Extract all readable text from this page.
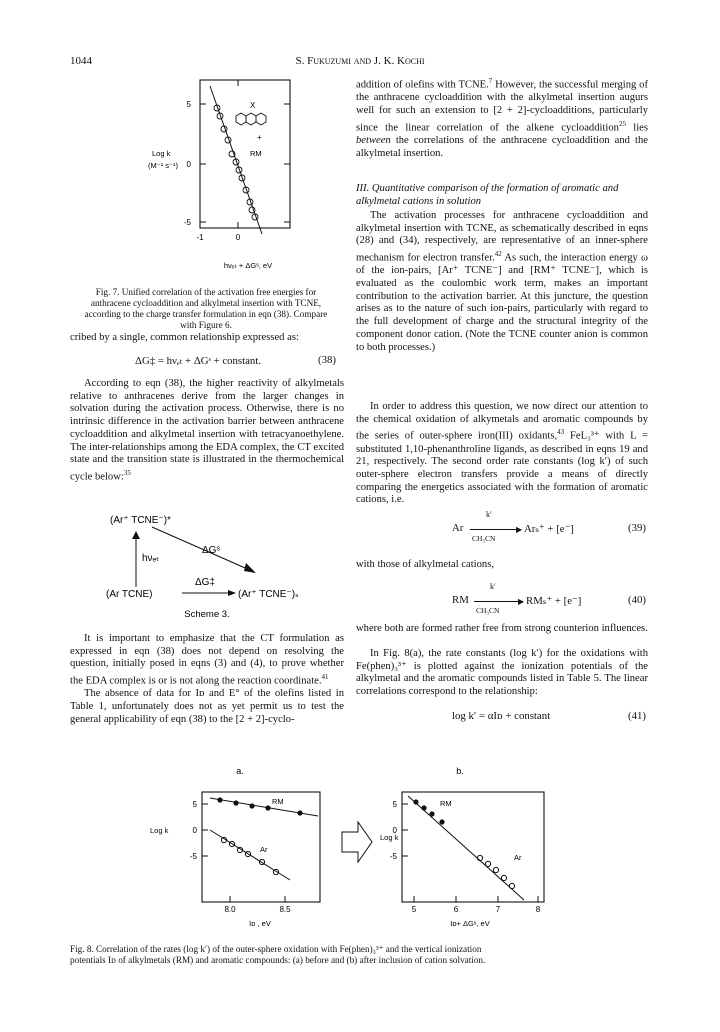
1044	S. Fukuzumi and J. K. Kochi
X
+
RM
5
0
-5
-1	0
Log k
(M⁻¹ s⁻¹)
hνₑₜ + ΔGˢ, eV
Fig. 7. Unified correlation of the activation free energies for
anthracene cycloaddition and alkylmetal insertion with TCNE,
according to the charge transfer formulation in eqn (38). Compare
with Figure 6.
cribed by a single, common relationship expressed as:
ΔG‡ = hνₑₜ + ΔGˢ + constant.	(38)
According to eqn (38), the higher reactivity of alkylmetals relative to anthracenes derive from the larger changes in solvation during the activation process. Otherwise, there is no intrinsic difference in the activation barrier between anthracene cycloaddition and alkylmetal insertion with tetracyanoethylene. The inter-relationships among the EDA complex, the CT excited state and the transition state is illustrated in the thermochemical cycle below:$^{35}$
(Ar⁺ TCNE⁻)*
hνₑₜ
ΔGˢ
(Ar TCNE)
ΔG‡
(Ar⁺ TCNE⁻)ₛ
Scheme 3.

It is important to emphasize that the CT formulation as expressed in eqn (38) does not depend on resolving the question, initially posed in eqns (3) and (4), to prove whether the EDA complex is or is not along the reaction coordinate.$^{41}$

The absence of data for Iᴅ and E° of the olefins listed in Table 1, unfortunately does not as yet permit us to test the general applicability of eqn (38) to the [2 + 2]-cyclo-

addition of olefins with TCNE.$^7$ However, the successful merging of the anthracene cycloaddition with the alkylmetal insertion augurs well for such an extension to [2 + 2]-cycloadditions, particularly since the linear correlation of the alkene cycloaddition$^{25}$ lies between the correlations of the anthracene cycloaddition and the alkylmetal insertion.
III. Quantitative comparison of the formation of aromatic and alkylmetal cations in solution
The activation processes for anthracene cycloaddition and alkylmetal insertion with TCNE, as schematically described in eqns (28) and (34), respectively, are representative of an inner-sphere mechanism for electron transfer.$^{42}$ As such, the interaction energy ω of the ion-pairs, [Ar⁺ TCNE⁻] and [RM⁺ TCNE⁻], which is evaluated as the coulombic work term, makes an important contribution to the activation barrier. At this juncture, the question arises as to the nature of such ion-pairs, particularly with regard to the full development of charge and the structural integrity of the component donor cation. (Note the TCNE counter anion is common to both processes.)
In order to address this question, we now direct our attention to the chemical oxidation of alkymetals and aromatic compounds by the series of outer-sphere iron(III) oxidants,$^{43}$ FeL₃³⁺ with L = substituted 1,10-phenanthroline ligands, as described in eqns 19 and 21, respectively. The second order rate constants (log k′) of such outer-sphere electron transfers provide a means of directly comparing the energetics associated with the formation of aromatic cations, i.e.
Ar
k′
▶
CH₃CN
Arₛ⁺ + [e⁻]	(39)
with those of alkylmetal cations,
RM
k′
▶
CH₃CN
RMₛ⁺ + [e⁻]	(40)
where both are formed rather free from strong counterion influences.
In Fig. 8(a), the rate constants (log k′) for the oxidations with Fe(phen)₃³⁺ is plotted against the ionization potentials of the alkylmetal and the aromatic compounds listed in Table 5. The linear correlations correspond to the relationship:
log k′ = αIᴅ + constant	(41)
a.
5
0
-5
8.0	8.5
Log k
Iᴅ , eV
RM
Ar
b.
5
0
-5
5	6	7	8
Log k
Iᴅ+ ΔGˢ, eV
RM
Ar
Fig. 8. Correlation of the rates (log k′) of the outer-sphere oxidation with Fe(phen)₃³⁺ and the vertical ionization
potentials Iᴅ of alkylmetals (RM) and aromatic compounds: (a) before and (b) after inclusion of cation solvation.
